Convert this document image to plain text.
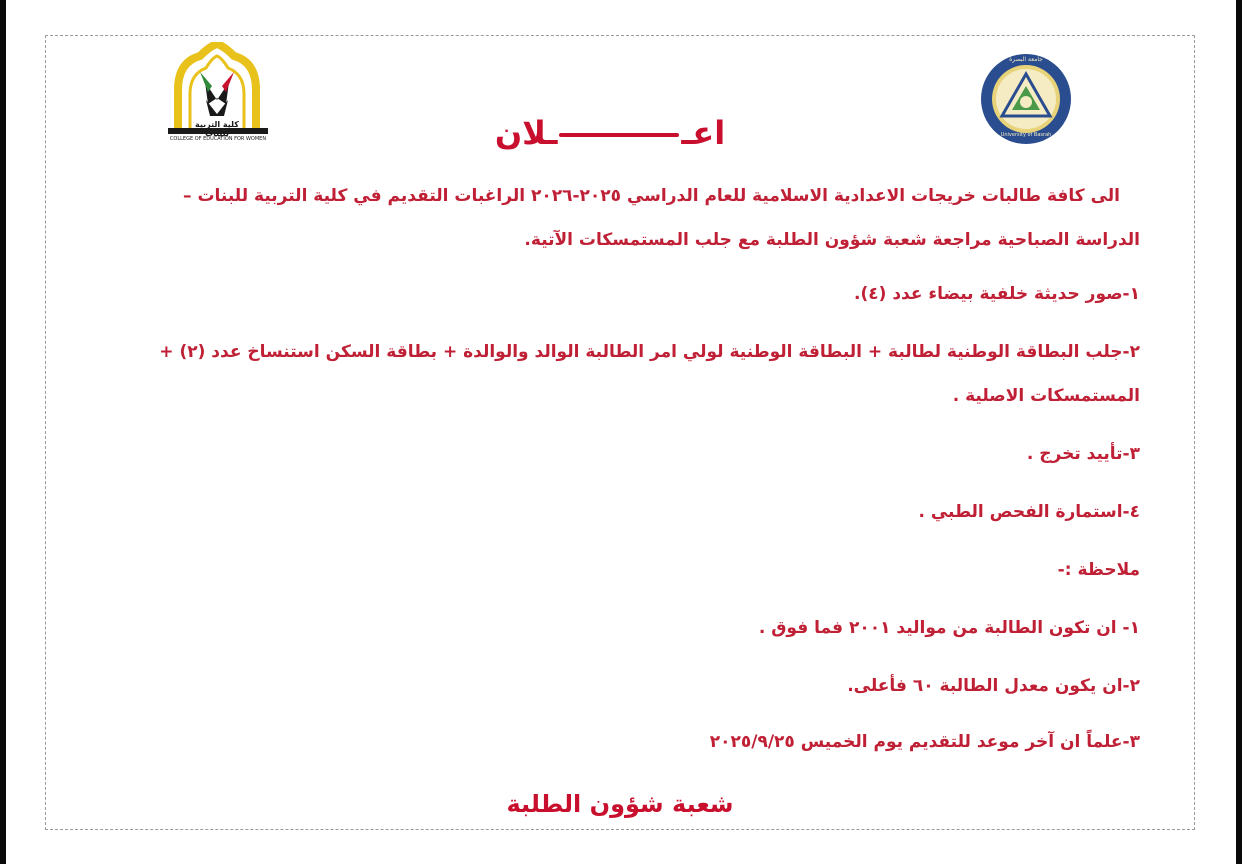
كلية التربية للبنات
COLLEGE OF EDUCATION FOR WOMEN
جامعة البصرة
University of Basrah
اعــلان
الى كافة طالبات خريجات الاعدادية الاسلامية للعام الدراسي ٢٠٢٥-٢٠٢٦ الراغبات التقديم في كلية التربية للبنات –
الدراسة الصباحية مراجعة شعبة شؤون الطلبة مع جلب المستمسكات الآتية.
١-صور حديثة خلفية بيضاء عدد (٤).
٢-جلب البطاقة الوطنية لطالبة + البطاقة الوطنية لولي امر الطالبة الوالد والوالدة + بطاقة السكن استنساخ عدد (٢) +
المستمسكات الاصلية .
٣-تأييد تخرج .
٤-استمارة الفحص الطبي .
ملاحظة :-
١- ان تكون الطالبة من مواليد ٢٠٠١ فما فوق .
٢-ان يكون معدل الطالبة ٦٠ فأعلى.
٣-علماً ان آخر موعد للتقديم يوم الخميس ٢٠٢٥/٩/٢٥
شعبة شؤون الطلبة
